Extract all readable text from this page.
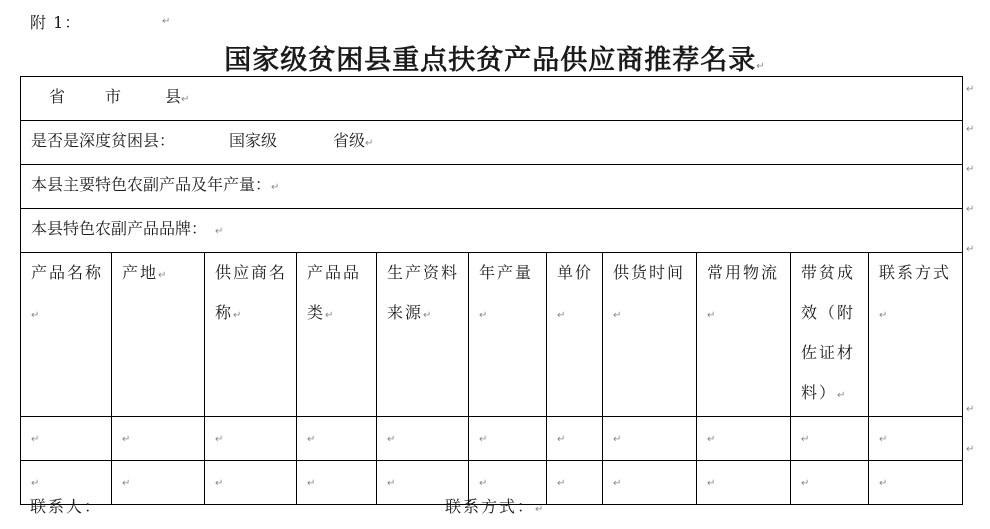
附 1：	↵
国家级贫困县重点扶贫产品供应商推荐名录↵
省 市 县↵										
是否是深度贫困县： 国家级 省级↵										
本县主要特色农副产品及年产量：↵										
本县特色农副产品品牌： ↵										
产品名称↵	产地↵	供应商名称↵	产品品类↵	生产资料来源↵	年产量↵	单价↵	供货时间↵	常用物流↵	带贫成效（附佐证材料）↵	联系方式↵
↵	↵	↵	↵	↵	↵	↵	↵	↵	↵	↵
↵	↵	↵	↵	↵	↵	↵	↵	↵	↵	↵
↵
↵
↵
↵
↵
↵
↵
联系人：	联系方式：↵
